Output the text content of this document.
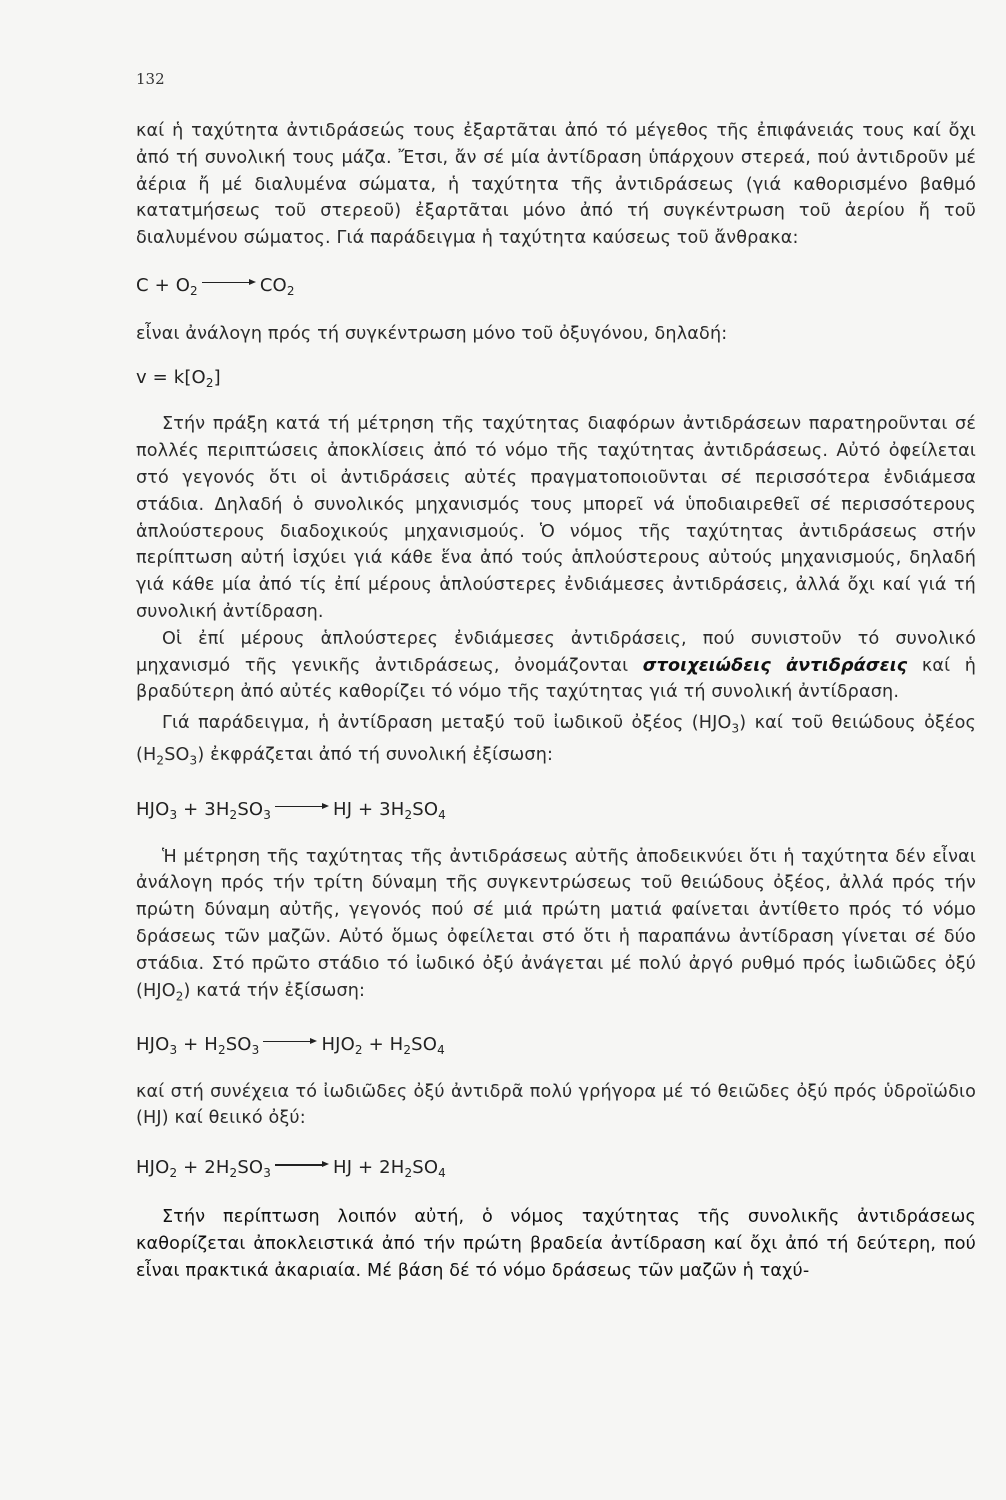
132

καί ἡ ταχύτητα ἀντιδράσεώς τους ἐξαρτᾶται ἀπό τό μέγεθος τῆς ἐπιφάνειάς τους καί ὄχι ἀπό τή συνολική τους μάζα. Ἔτσι, ἄν σέ μία ἀντίδραση ὑπάρχουν στερεά, πού ἀντιδροῦν μέ ἀέρια ἤ μέ διαλυμένα σώματα, ἡ ταχύτητα τῆς ἀντιδράσεως (γιά καθορισμένο βαθμό κατατμήσεως τοῦ στερεοῦ) ἐξαρτᾶται μόνο ἀπό τή συγκέντρωση τοῦ ἀερίου ἤ τοῦ διαλυμένου σώματος. Γιά παράδειγμα ἡ ταχύτητα καύσεως τοῦ ἄνθρακα:

$C + O_2$	$CO_2$

εἶναι ἀνάλογη πρός τή συγκέντρωση μόνο τοῦ ὀξυγόνου, δηλαδή:

$v = k[O_2]$

Στήν πράξη κατά τή μέτρηση τῆς ταχύτητας διαφόρων ἀντιδράσεων παρατηροῦνται σέ πολλές περιπτώσεις ἀποκλίσεις ἀπό τό νόμο τῆς ταχύτητας ἀντιδράσεως. Αὐτό ὀφείλεται στό γεγονός ὅτι οἱ ἀντιδράσεις αὐτές πραγματοποιοῦνται σέ περισσότερα ἐνδιάμεσα στάδια. Δηλαδή ὁ συνολικός μηχανισμός τους μπορεῖ νά ὑποδιαιρεθεῖ σέ περισσότερους ἁπλούστερους διαδοχικούς μηχανισμούς. Ὁ νόμος τῆς ταχύτητας ἀντιδράσεως στήν περίπτωση αὐτή ἰσχύει γιά κάθε ἕνα ἀπό τούς ἁπλούστερους αὐτούς μηχανισμούς, δηλαδή γιά κάθε μία ἀπό τίς ἐπί μέρους ἁπλούστερες ἐνδιάμεσες ἀντιδράσεις, ἀλλά ὄχι καί γιά τή συνολική ἀντίδραση.

Οἱ ἐπί μέρους ἁπλούστερες ἐνδιάμεσες ἀντιδράσεις, πού συνιστοῦν τό συνολικό μηχανισμό τῆς γενικῆς ἀντιδράσεως, ὀνομάζονται στοιχειώδεις ἀντιδράσεις καί ἡ βραδύτερη ἀπό αὐτές καθορίζει τό νόμο τῆς ταχύτητας γιά τή συνολική ἀντίδραση.

Γιά παράδειγμα, ἡ ἀντίδραση μεταξύ τοῦ ἰωδικοῦ ὀξέος $(HJO_3)$ καί τοῦ θειώδους ὀξέος $(H_2SO_3)$ ἐκφράζεται ἀπό τή συνολική ἐξίσωση:

$HJO_3 + 3H_2SO_3$	HJ + $3H_2SO_4$

Ἡ μέτρηση τῆς ταχύτητας τῆς ἀντιδράσεως αὐτῆς ἀποδεικνύει ὅτι ἡ ταχύτητα δέν εἶναι ἀνάλογη πρός τήν τρίτη δύναμη τῆς συγκεντρώσεως τοῦ θειώδους ὀξέος, ἀλλά πρός τήν πρώτη δύναμη αὐτῆς, γεγονός πού σέ μιά πρώτη ματιά φαίνεται ἀντίθετο πρός τό νόμο δράσεως τῶν μαζῶν. Αὐτό ὅμως ὀφείλεται στό ὅτι ἡ παραπάνω ἀντίδραση γίνεται σέ δύο στάδια. Στό πρῶτο στάδιο τό ἰωδικό ὀξύ ἀνάγεται μέ πολύ ἀργό ρυθμό πρός ἰωδιῶδες ὀξύ $(HJO_2)$ κατά τήν ἐξίσωση:

$HJO_3 + H_2SO_3$	$HJO_2 + H_2SO_4$

καί στή συνέχεια τό ἰωδιῶδες ὀξύ ἀντιδρᾶ πολύ γρήγορα μέ τό θειῶδες ὀξύ πρός ὑδροϊώδιο (HJ) καί θειικό ὀξύ:

$HJO_2 + 2H_2SO_3$	HJ + $2H_2SO_4$

Στήν περίπτωση λοιπόν αὐτή, ὁ νόμος ταχύτητας τῆς συνολικῆς ἀντιδράσεως καθορίζεται ἀποκλειστικά ἀπό τήν πρώτη βραδεία ἀντίδραση καί ὄχι ἀπό τή δεύτερη, πού εἶναι πρακτικά ἀκαριαία. Μέ βάση δέ τό νόμο δράσεως τῶν μαζῶν ἡ ταχύ-
